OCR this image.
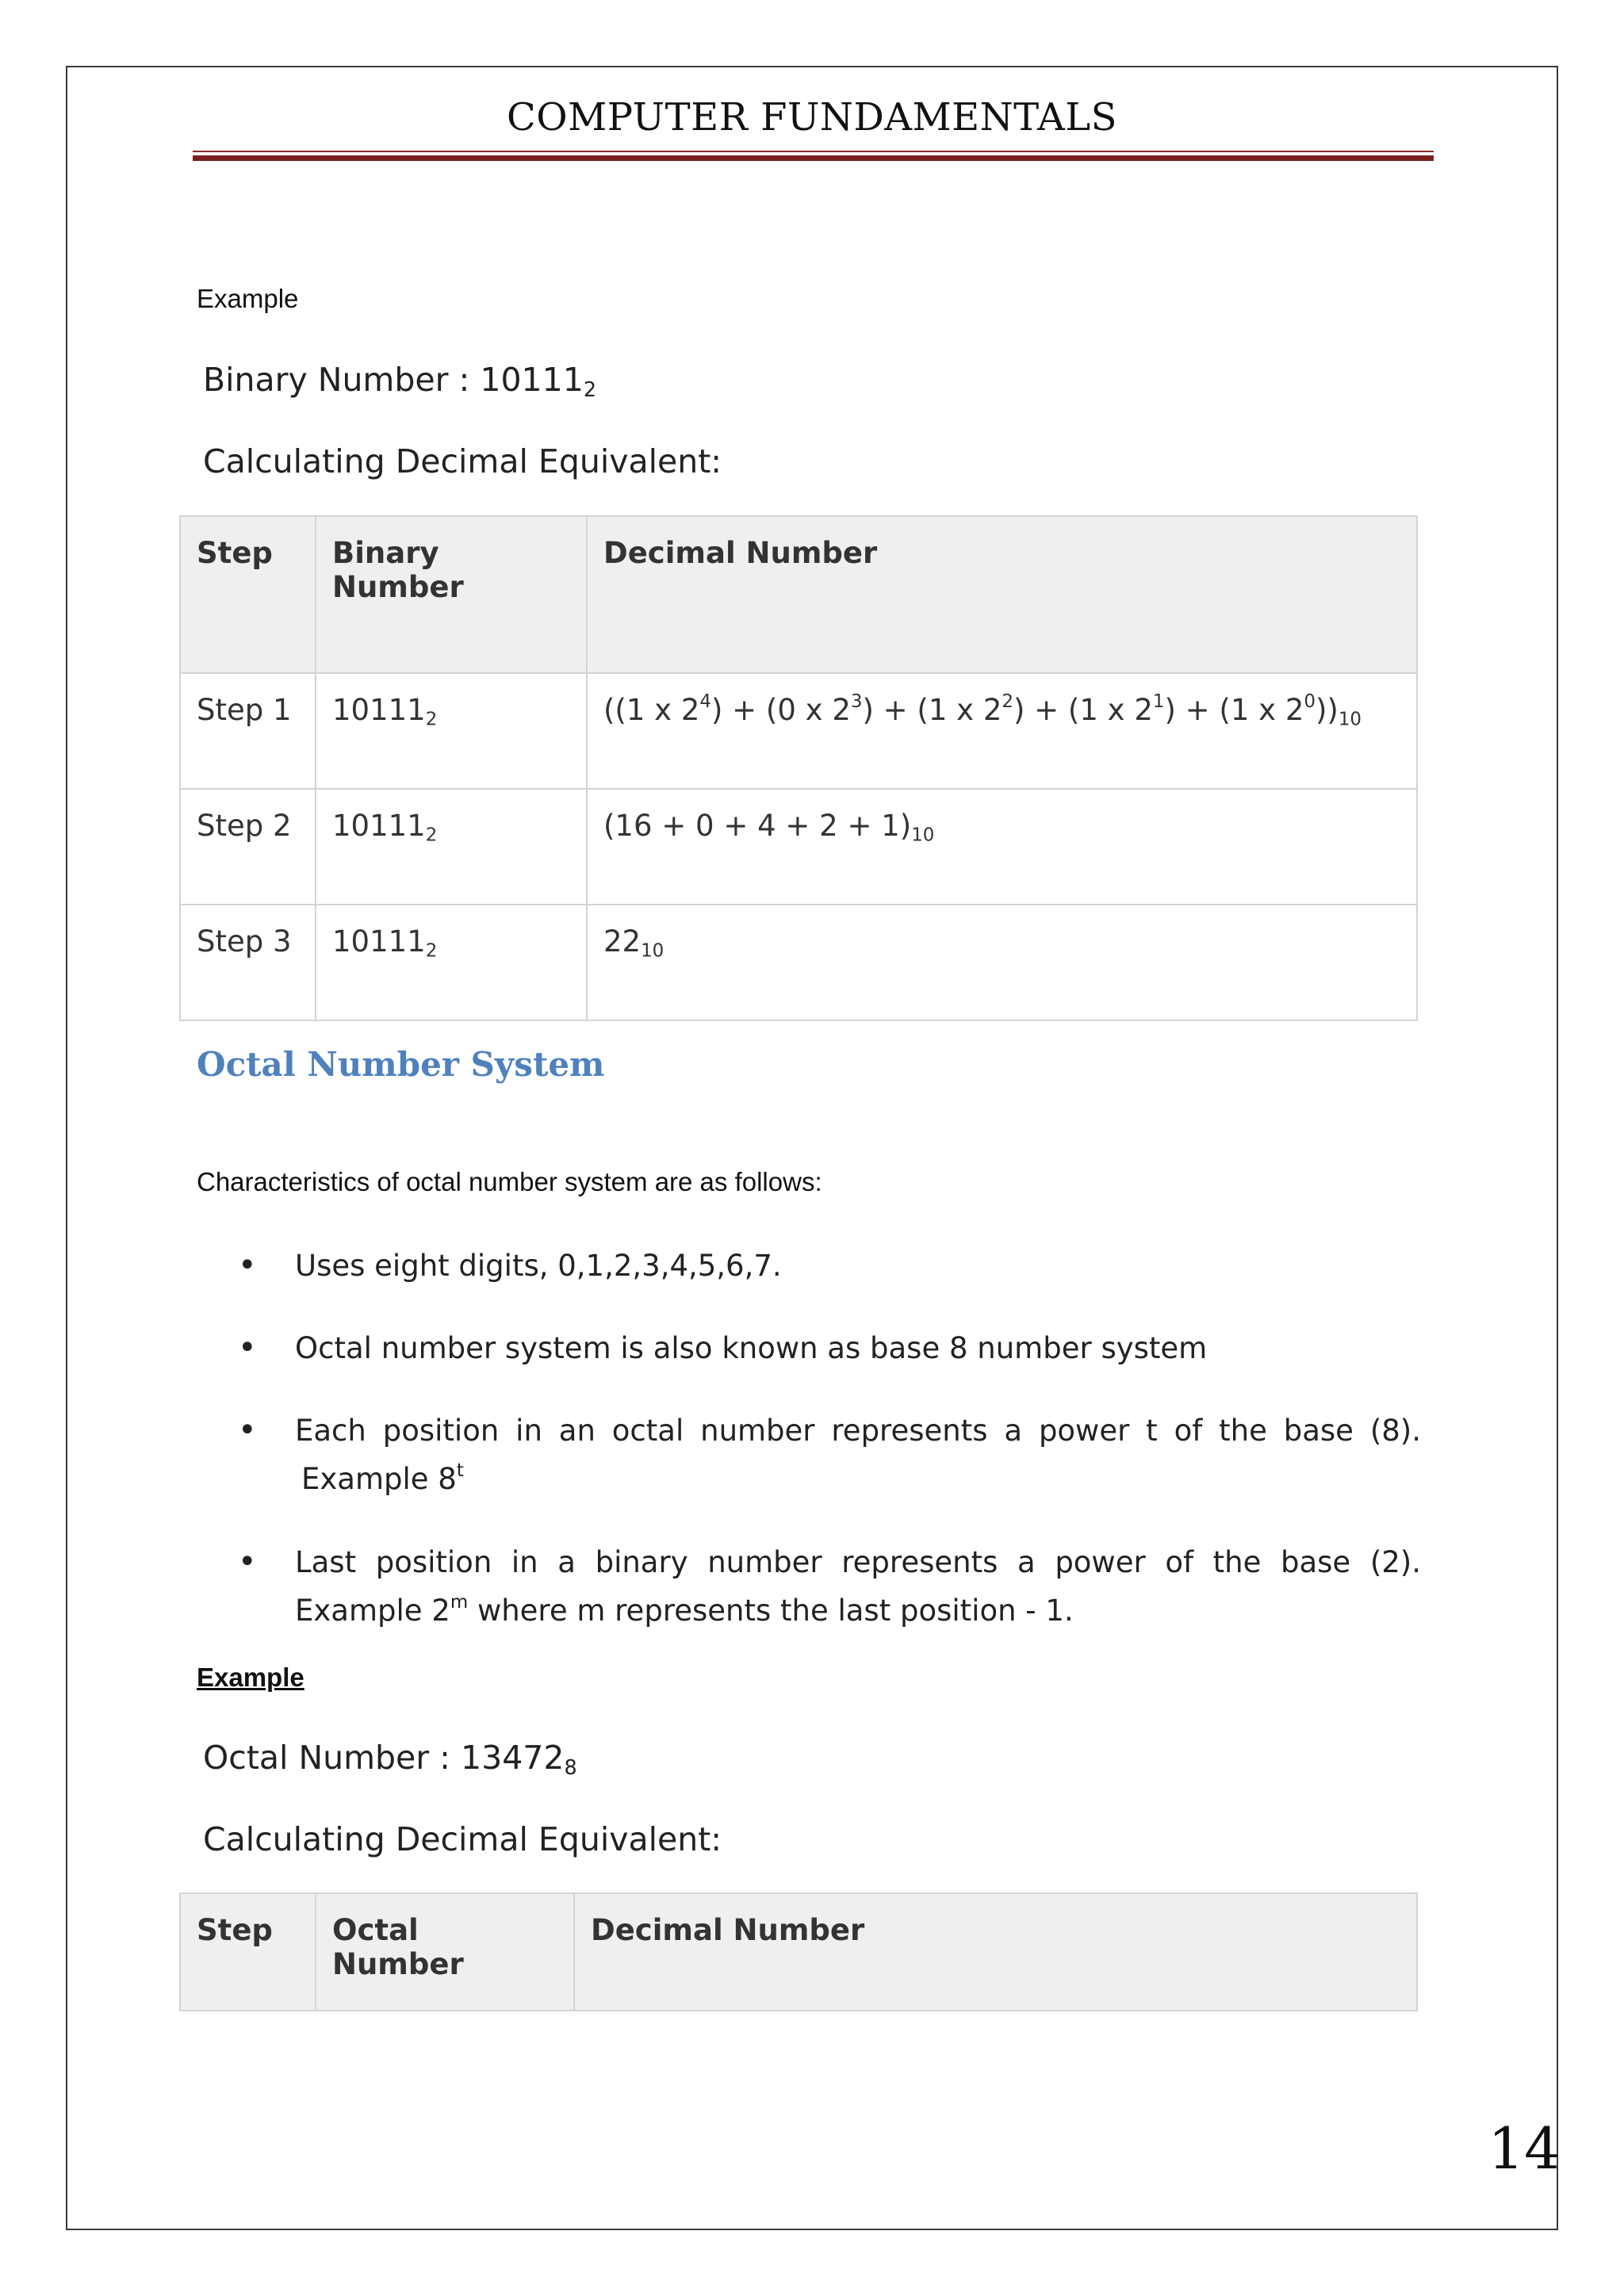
COMPUTER FUNDAMENTALS
Example
Binary Number : $10111_2$
Calculating Decimal Equivalent:
Step	Binary Number	Decimal Number
Step 1	$10111_2$	((1 x $2^4) + (0$ x $2^3) + (1$ x $2^2) + (1$ x $2^1) + (1$ x $2^0))_{10}$
Step 2	$10111_2$	$(16 + 0 + 4 + 2 + 1)_{10}$
Step 3	$10111_2$	$22_{10}$
Octal Number System
Characteristics of octal number system are as follows:
• Uses eight digits, 0,1,2,3,4,5,6,7.
• Octal number system is also known as base 8 number system
• Each position in an octal number represents a power t of the base (8).
Example 8$^t$
• Last position in a binary number represents a power of the base (2).
Example 2$^m$ where m represents the last position - 1.
Example
Octal Number : $13472_8$
Calculating Decimal Equivalent:
Step	Octal Number	Decimal Number
14
